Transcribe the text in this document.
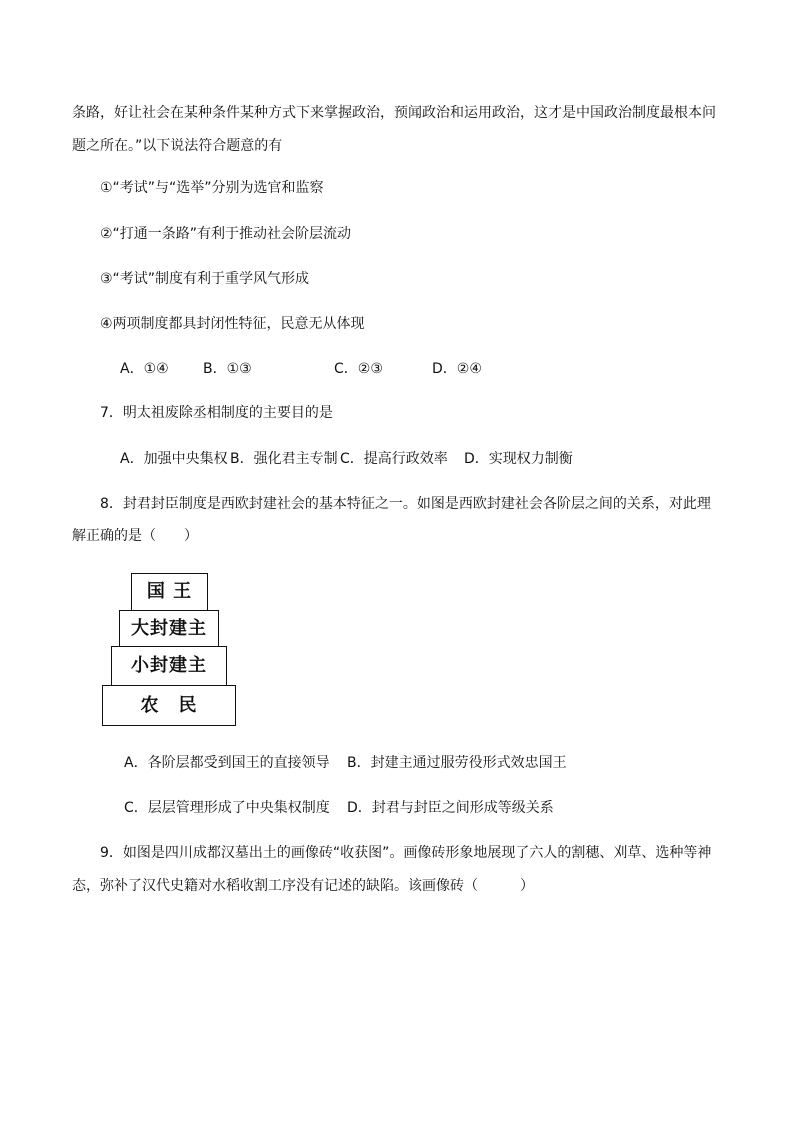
条路，好让社会在某种条件某种方式下来掌握政治，预闻政治和运用政治，这才是中国政治制度最根本问
题之所在。”以下说法符合题意的有
①“考试”与“选举”分别为选官和监察
②“打通一条路”有利于推动社会阶层流动
③“考试”制度有利于重学风气形成
④两项制度都具封闭性特征，民意无从体现
A．①④ B．①③	C．②③	D．②④
7．明太祖废除丞相制度的主要目的是
A．加强中央集权 B．强化君主专制 C．提高行政效率 D．实现权力制衡
8．封君封臣制度是西欧封建社会的基本特征之一。如图是西欧封建社会各阶层之间的关系，对此理
解正确的是（　　）
国 王
大封建主
小封建主
农　民
A．各阶层都受到国王的直接领导 B．封建主通过服劳役形式效忠国王
C．层层管理形成了中央集权制度 D．封君与封臣之间形成等级关系
9．如图是四川成都汉墓出土的画像砖“收获图”。画像砖形象地展现了六人的割穗、刈草、选种等神
态，弥补了汉代史籍对水稻收割工序没有记述的缺陷。该画像砖（　　　）
